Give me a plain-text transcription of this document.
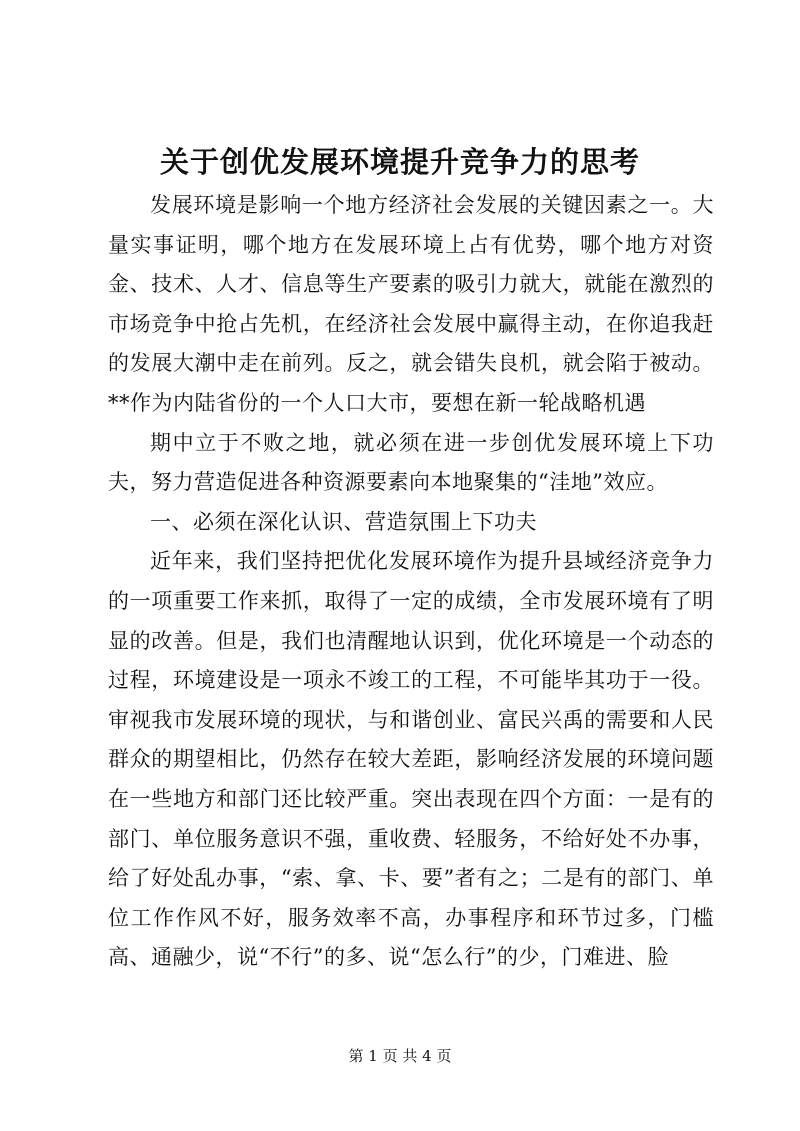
关于创优发展环境提升竞争力的思考

发展环境是影响一个地方经济社会发展的关键因素之一。大量实事证明，哪个地方在发展环境上占有优势，哪个地方对资金、技术、人才、信息等生产要素的吸引力就大，就能在激烈的市场竞争中抢占先机，在经济社会发展中赢得主动，在你追我赶的发展大潮中走在前列。反之，就会错失良机，就会陷于被动。**作为内陆省份的一个人口大市，要想在新一轮战略机遇

期中立于不败之地，就必须在进一步创优发展环境上下功夫，努力营造促进各种资源要素向本地聚集的“洼地”效应。

一、必须在深化认识、营造氛围上下功夫

近年来，我们坚持把优化发展环境作为提升县域经济竞争力的一项重要工作来抓，取得了一定的成绩，全市发展环境有了明显的改善。但是，我们也清醒地认识到，优化环境是一个动态的过程，环境建设是一项永不竣工的工程，不可能毕其功于一役。审视我市发展环境的现状，与和谐创业、富民兴禹的需要和人民群众的期望相比，仍然存在较大差距，影响经济发展的环境问题在一些地方和部门还比较严重。突出表现在四个方面：一是有的部门、单位服务意识不强，重收费、轻服务，不给好处不办事，给了好处乱办事，“索、拿、卡、要”者有之；二是有的部门、单位工作作风不好，服务效率不高，办事程序和环节过多，门槛高、通融少，说“不行”的多、说“怎么行”的少，门难进、脸

第 1 页 共 4 页
